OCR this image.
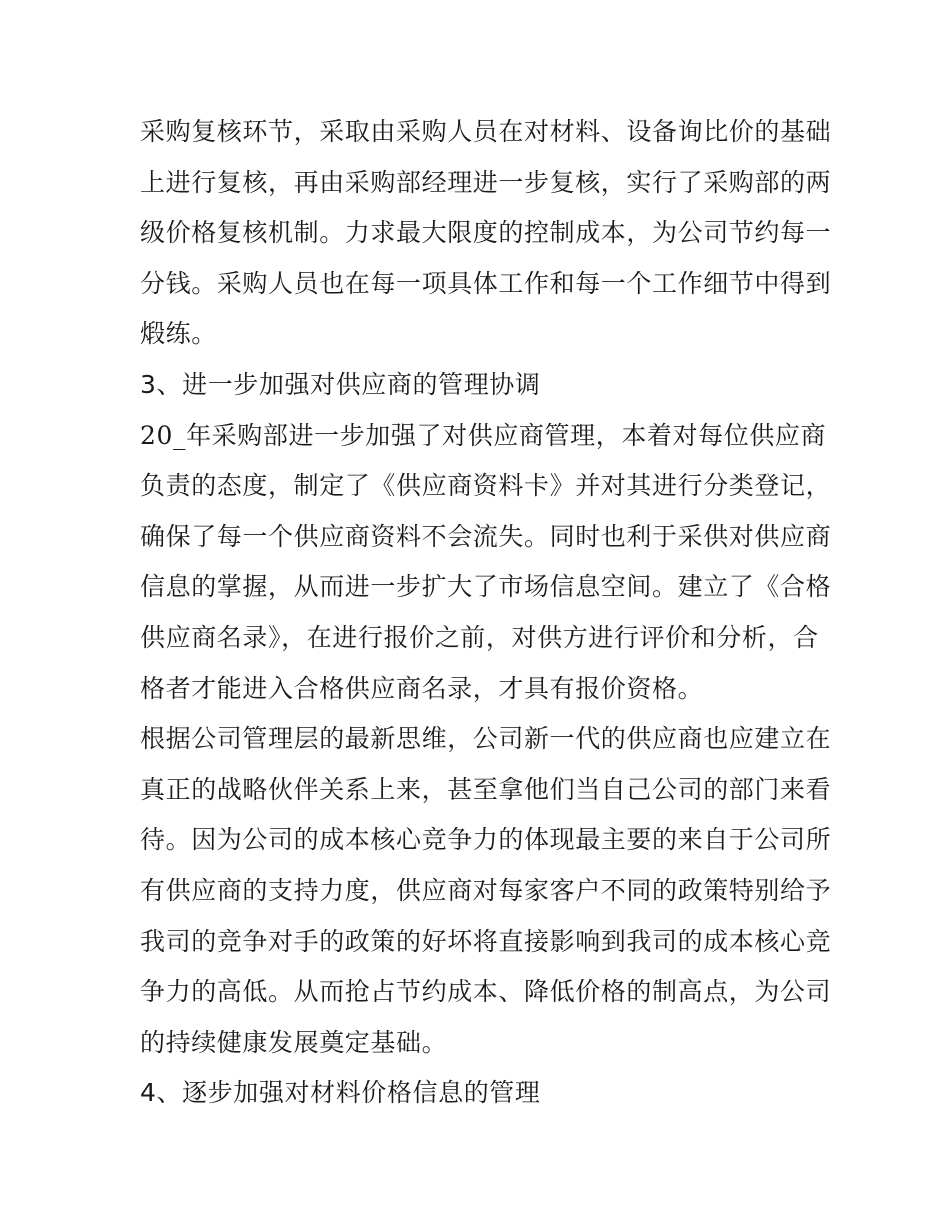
采购复核环节，采取由采购人员在对材料、设备询比价的基础
上进行复核，再由采购部经理进一步复核，实行了采购部的两
级价格复核机制。力求最大限度的控制成本，为公司节约每一
分钱。采购人员也在每一项具体工作和每一个工作细节中得到
煅练。
3、进一步加强对供应商的管理协调
20_年采购部进一步加强了对供应商管理，本着对每位供应商
负责的态度，制定了《供应商资料卡》并对其进行分类登记，
确保了每一个供应商资料不会流失。同时也利于采供对供应商
信息的掌握，从而进一步扩大了市场信息空间。建立了《合格
供应商名录》，在进行报价之前，对供方进行评价和分析，合
格者才能进入合格供应商名录，才具有报价资格。
根据公司管理层的最新思维，公司新一代的供应商也应建立在
真正的战略伙伴关系上来，甚至拿他们当自己公司的部门来看
待。因为公司的成本核心竞争力的体现最主要的来自于公司所
有供应商的支持力度，供应商对每家客户不同的政策特别给予
我司的竞争对手的政策的好坏将直接影响到我司的成本核心竞
争力的高低。从而抢占节约成本、降低价格的制高点，为公司
的持续健康发展奠定基础。
4、逐步加强对材料价格信息的管理
